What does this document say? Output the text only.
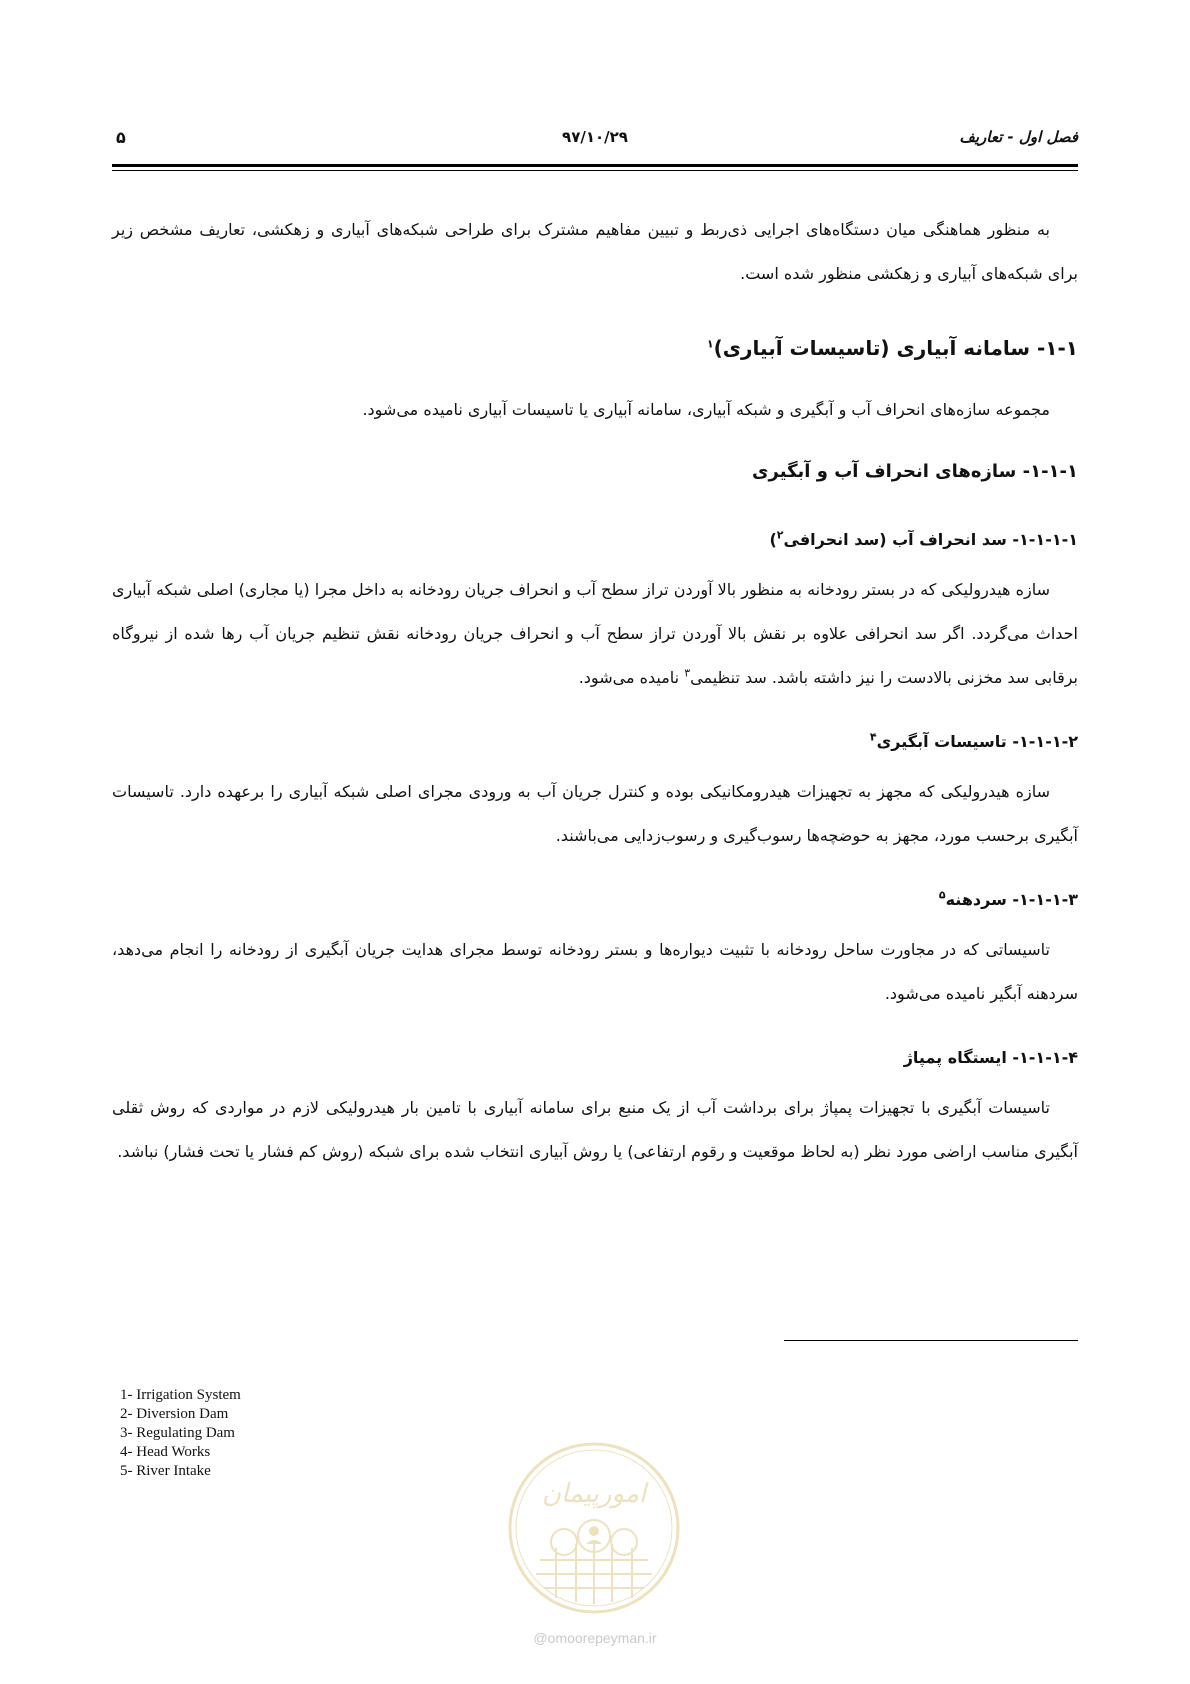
فصل اول - تعاریف
۹۷/۱۰/۲۹
۵

به منظور هماهنگی میان دستگاه‌های اجرایی ذی‌ربط و تبیین مفاهیم مشترک برای طراحی شبکه‌های آبیاری و زهکشی، تعاریف مشخص زیر برای شبکه‌های آبیاری و زهکشی منظور شده است.

۱-۱- سامانه آبیاری (تاسیسات آبیاری)$^۱$

مجموعه سازه‌های انحراف آب و آبگیری و شبکه آبیاری، سامانه آبیاری یا تاسیسات آبیاری نامیده می‌شود.

۱-۱-۱- سازه‌های انحراف آب و آبگیری
۱-۱-۱-۱- سد انحراف آب (سد انحرافی$^۲$)

سازه هیدرولیکی که در بستر رودخانه به منظور بالا آوردن تراز سطح آب و انحراف جریان رودخانه به داخل مجرا (یا مجاری) اصلی شبکه آبیاری احداث می‌گردد. اگر سد انحرافی علاوه بر نقش بالا آوردن تراز سطح آب و انحراف جریان رودخانه نقش تنظیم جریان آب رها شده از نیروگاه برقابی سد مخزنی بالادست را نیز داشته باشد. سد تنظیمی$^۳$ نامیده می‌شود.

۱-۱-۱-۲- تاسیسات آبگیری$^۴$

سازه هیدرولیکی که مجهز به تجهیزات هیدرومکانیکی بوده و کنترل جریان آب به ورودی مجرای اصلی شبکه آبیاری را برعهده دارد. تاسیسات آبگیری برحسب مورد، مجهز به حوضچه‌ها رسوب‌گیری و رسوب‌زدایی می‌باشند.

۱-۱-۱-۳- سردهنه$^۵$

تاسیساتی که در مجاورت ساحل رودخانه با تثبیت دیواره‌ها و بستر رودخانه توسط مجرای هدایت جریان آبگیری از رودخانه را انجام می‌دهد، سردهنه آبگیر نامیده می‌شود.

۱-۱-۱-۴- ایستگاه پمپاژ

تاسیسات آبگیری با تجهیزات پمپاژ برای برداشت آب از یک منبع برای سامانه آبیاری با تامین بار هیدرولیکی لازم در مواردی که روش ثقلی آبگیری مناسب اراضی مورد نظر (به لحاظ موقعیت و رقوم ارتفاعی) یا روش آبیاری انتخاب شده برای شبکه (روش کم فشار یا تحت فشار) نباشد.

1- Irrigation System
2- Diversion Dam
3- Regulating Dam
4- Head Works
5- River Intake
امورپیمان
@omoorepeyman.ir
